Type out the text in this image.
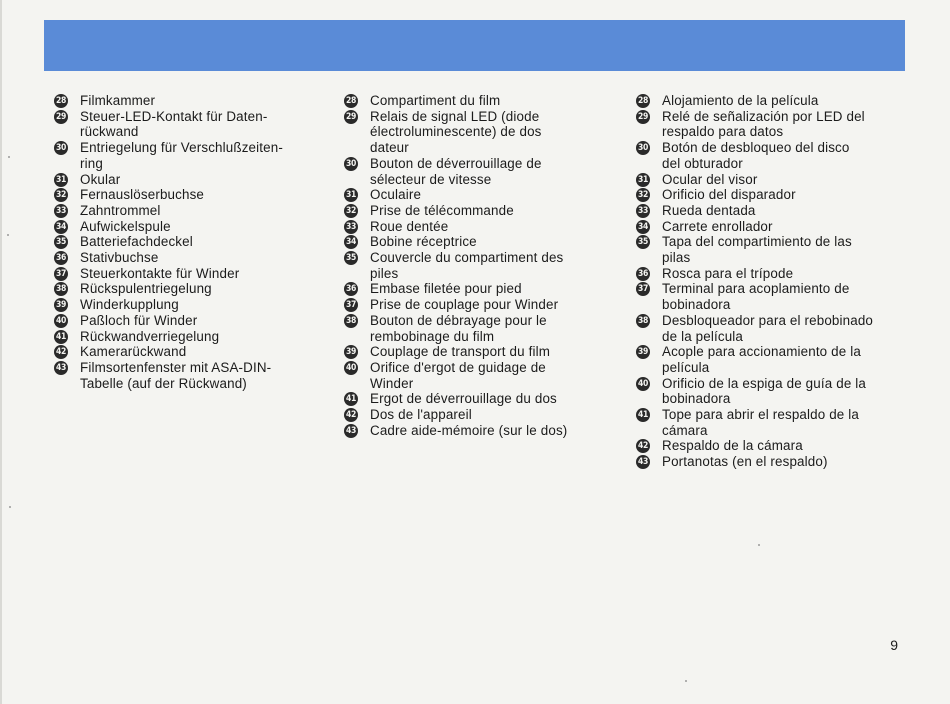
28 Filmkammer
29 Steuer-LED-Kontakt für Daten-
rückwand
30 Entriegelung für Verschlußzeiten-
ring
31 Okular
32 Fernauslöserbuchse
33 Zahntrommel
34 Aufwickelspule
35 Batteriefachdeckel
36 Stativbuchse
37 Steuerkontakte für Winder
38 Rückspulentriegelung
39 Winderkupplung
40 Paßloch für Winder
41 Rückwandverriegelung
42 Kamerarückwand
43 Filmsortenfenster mit ASA-DIN-
Tabelle (auf der Rückwand)
28 Compartiment du film
29 Relais de signal LED (diode
électroluminescente) de dos
dateur
30 Bouton de déverrouillage de
sélecteur de vitesse
31 Oculaire
32 Prise de télécommande
33 Roue dentée
34 Bobine réceptrice
35 Couvercle du compartiment des
piles
36 Embase filetée pour pied
37 Prise de couplage pour Winder
38 Bouton de débrayage pour le
rembobinage du film
39 Couplage de transport du film
40 Orifice d'ergot de guidage de
Winder
41 Ergot de déverrouillage du dos
42 Dos de l'appareil
43 Cadre aide-mémoire (sur le dos)
28 Alojamiento de la película
29 Relé de señalización por LED del
respaldo para datos
30 Botón de desbloqueo del disco
del obturador
31 Ocular del visor
32 Orificio del disparador
33 Rueda dentada
34 Carrete enrollador
35 Tapa del compartimiento de las
pilas
36 Rosca para el trípode
37 Terminal para acoplamiento de
bobinadora
38 Desbloqueador para el rebobinado
de la película
39 Acople para accionamiento de la
película
40 Orificio de la espiga de guía de la
bobinadora
41 Tope para abrir el respaldo de la
cámara
42 Respaldo de la cámara
43 Portanotas (en el respaldo)
9
